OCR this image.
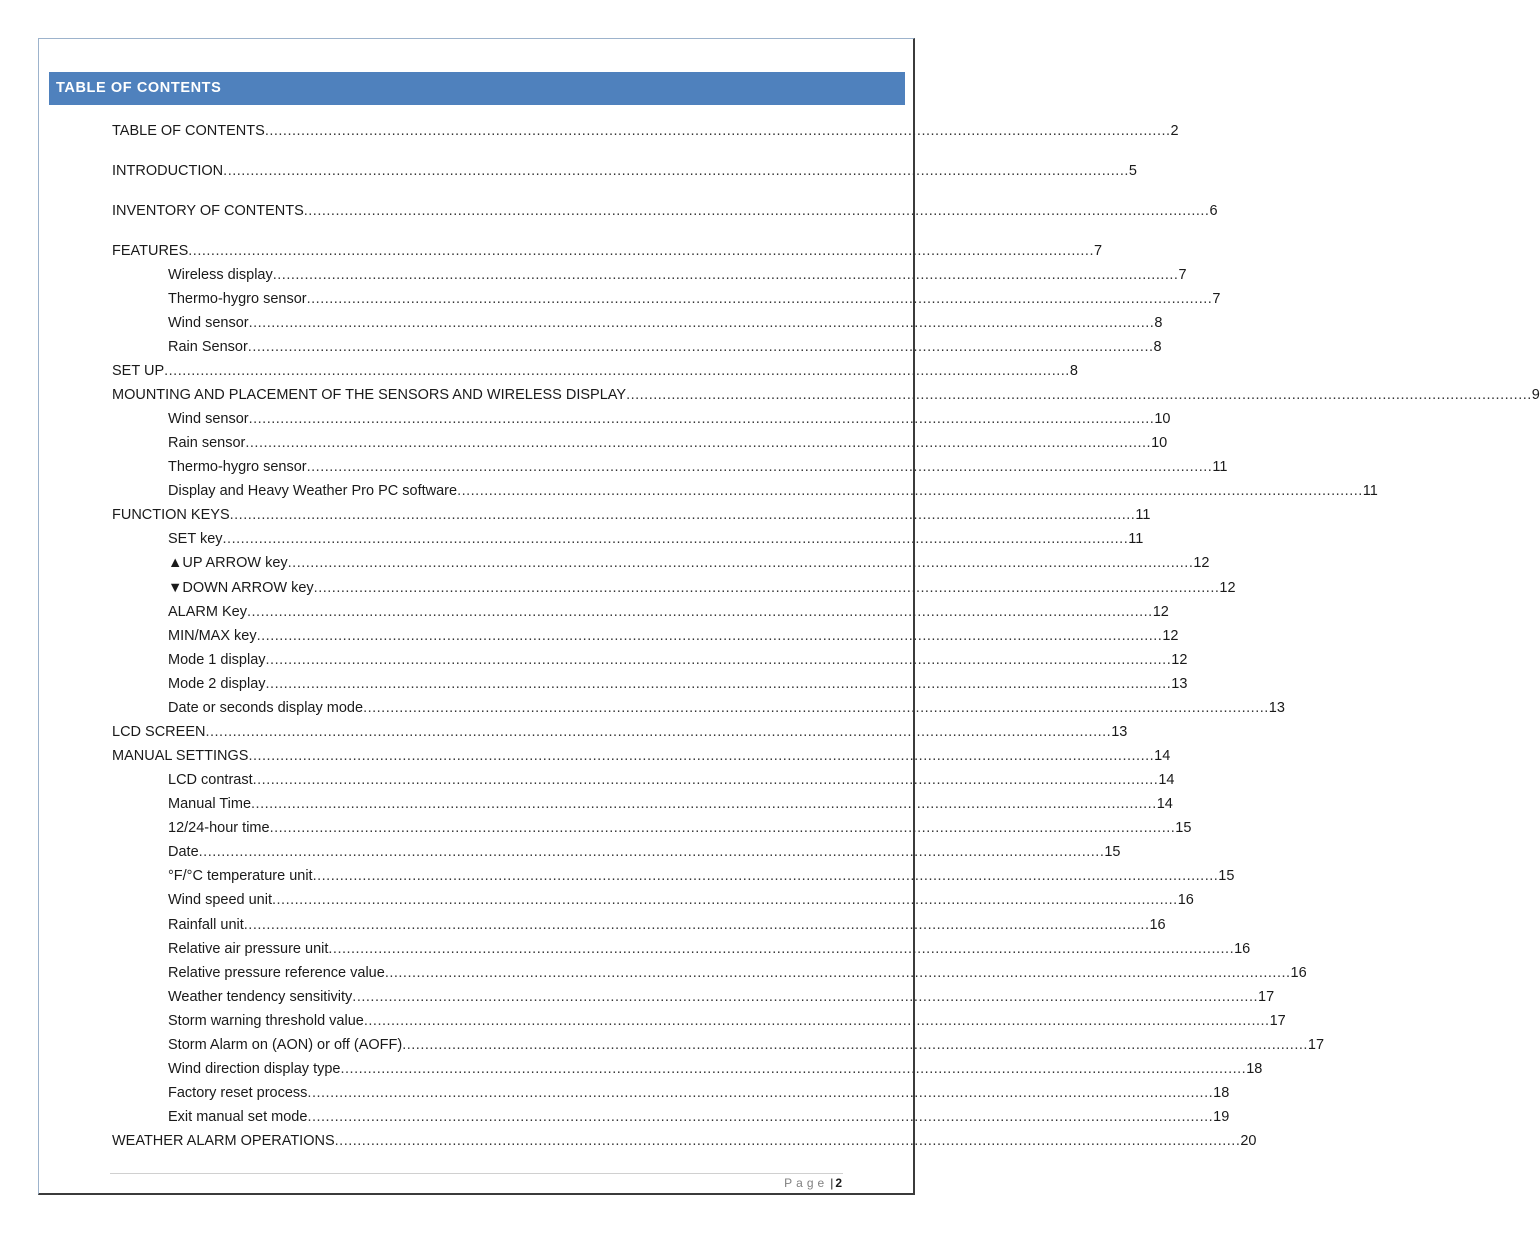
TABLE OF CONTENTS
TABLE OF CONTENTS ........................................................................................................................................................................................................ 2
INTRODUCTION ........................................................................................................................................................................................................ 5
INVENTORY OF CONTENTS ........................................................................................................................................................................................................ 6
FEATURES ........................................................................................................................................................................................................ 7
Wireless display ........................................................................................................................................................................................................ 7
Thermo-hygro sensor ........................................................................................................................................................................................................ 7
Wind sensor ........................................................................................................................................................................................................ 8
Rain Sensor ........................................................................................................................................................................................................ 8
SET UP ........................................................................................................................................................................................................ 8
MOUNTING AND PLACEMENT OF THE SENSORS AND WIRELESS DISPLAY ........................................................................................................................................................................................................ 9
Wind sensor ........................................................................................................................................................................................................ 10
Rain sensor ........................................................................................................................................................................................................ 10
Thermo-hygro sensor ........................................................................................................................................................................................................ 11
Display and Heavy Weather Pro PC software ........................................................................................................................................................................................................ 11
FUNCTION KEYS ........................................................................................................................................................................................................ 11
SET key ........................................................................................................................................................................................................ 11
▲UP ARROW key ........................................................................................................................................................................................................ 12
▼DOWN ARROW key ........................................................................................................................................................................................................ 12
ALARM Key ........................................................................................................................................................................................................ 12
MIN/MAX key ........................................................................................................................................................................................................ 12
Mode 1 display ........................................................................................................................................................................................................ 12
Mode 2 display ........................................................................................................................................................................................................ 13
Date or seconds display mode ........................................................................................................................................................................................................ 13
LCD SCREEN ........................................................................................................................................................................................................ 13
MANUAL SETTINGS ........................................................................................................................................................................................................ 14
LCD contrast ........................................................................................................................................................................................................ 14
Manual Time ........................................................................................................................................................................................................ 14
12/24-hour time ........................................................................................................................................................................................................ 15
Date ........................................................................................................................................................................................................ 15
°F/°C temperature unit ........................................................................................................................................................................................................ 15
Wind speed unit ........................................................................................................................................................................................................ 16
Rainfall unit ........................................................................................................................................................................................................ 16
Relative air pressure unit ........................................................................................................................................................................................................ 16
Relative pressure reference value ........................................................................................................................................................................................................ 16
Weather tendency sensitivity ........................................................................................................................................................................................................ 17
Storm warning threshold value ........................................................................................................................................................................................................ 17
Storm Alarm on (AON) or off (AOFF) ........................................................................................................................................................................................................ 17
Wind direction display type ........................................................................................................................................................................................................ 18
Factory reset process ........................................................................................................................................................................................................ 18
Exit manual set mode ........................................................................................................................................................................................................ 19
WEATHER ALARM OPERATIONS ........................................................................................................................................................................................................ 20
Page | 2
